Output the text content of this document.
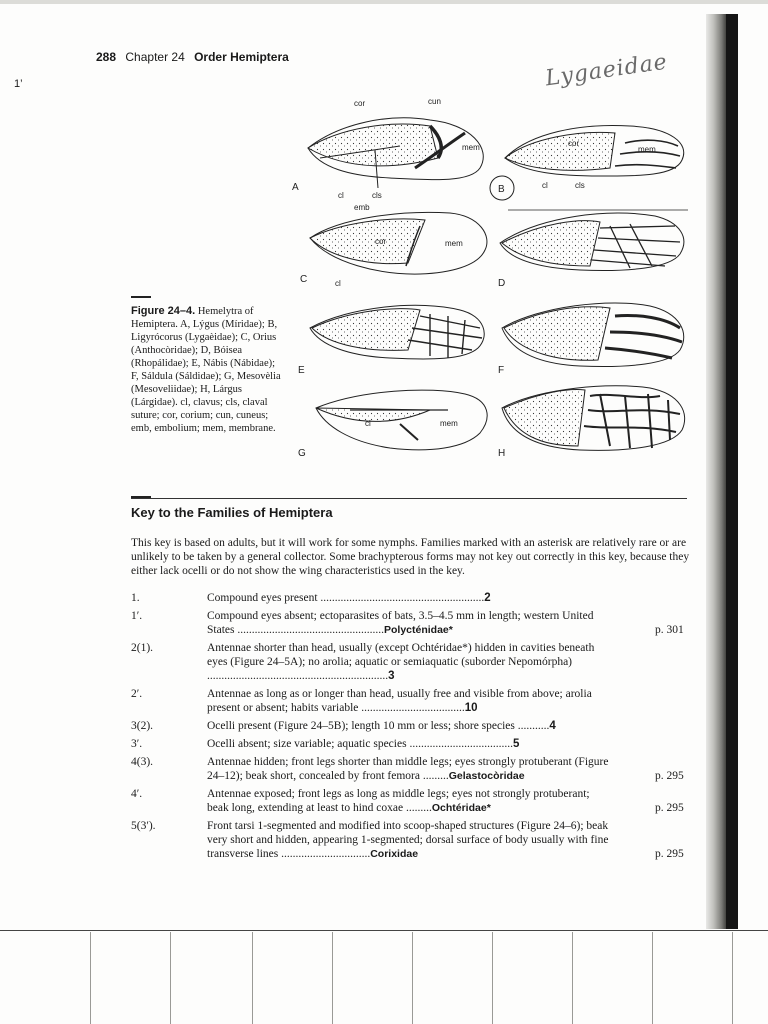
1’
288 Chapter 24 Order Hemiptera	Lygaeidae
cor	cun
mem
cl	cls
A
cor
mem
cl	cls
B
emb
cor	mem
cl
C	D
E	F
cl	mem
G	H
Figure 24–4. Hemelytra of Hemiptera. A, Lýgus (Míridae); B, Ligyrócorus (Lygaèidae); C, Orius (Anthocòridae); D, Bóisea (Rhopálidae); E, Nábis (Nábidae); F, Sáldula (Sáldidae); G, Mesovèlia (Mesoveliidae); H, Lárgus (Lárgidae). cl, clavus; cls, claval suture; cor, corium; cun, cuneus; emb, embolium; mem, membrane.
Key to the Families of Hemiptera
This key is based on adults, but it will work for some nymphs. Families marked with an asterisk are relatively rare or are unlikely to be taken by a general collector. Some brachypterous forms may not key out correctly in this key, because they either lack ocelli or do not show the wing characteristics used in the key.
1.	Compound eyes present .........................................................2
1′.	Compound eyes absent; ectoparasites of bats, 3.5–4.5 mm in length; western United States ...................................................Polycténidae*	p. 301
2(1).	Antennae shorter than head, usually (except Ochtéridae*) hidden in cavities beneath eyes (Figure 24–5A); no arolia; aquatic or semiaquatic (suborder Nepomórpha) ...............................................................3
2′.	Antennae as long as or longer than head, usually free and visible from above; arolia present or absent; habits variable ....................................10
3(2).	Ocelli present (Figure 24–5B); length 10 mm or less; shore species ...........4
3′.	Ocelli absent; size variable; aquatic species ....................................5
4(3).	Antennae hidden; front legs shorter than middle legs; eyes strongly protuberant (Figure 24–12); beak short, concealed by front femora .........Gelastocòridae	p. 295
4′.	Antennae exposed; front legs as long as middle legs; eyes not strongly protuberant; beak long, extending at least to hind coxae .........Ochtéridae*	p. 295
5(3′).	Front tarsi 1-segmented and modified into scoop-shaped structures (Figure 24–6); beak very short and hidden, appearing 1-segmented; dorsal surface of body usually with fine transverse lines ...............................Corixidae	p. 295
